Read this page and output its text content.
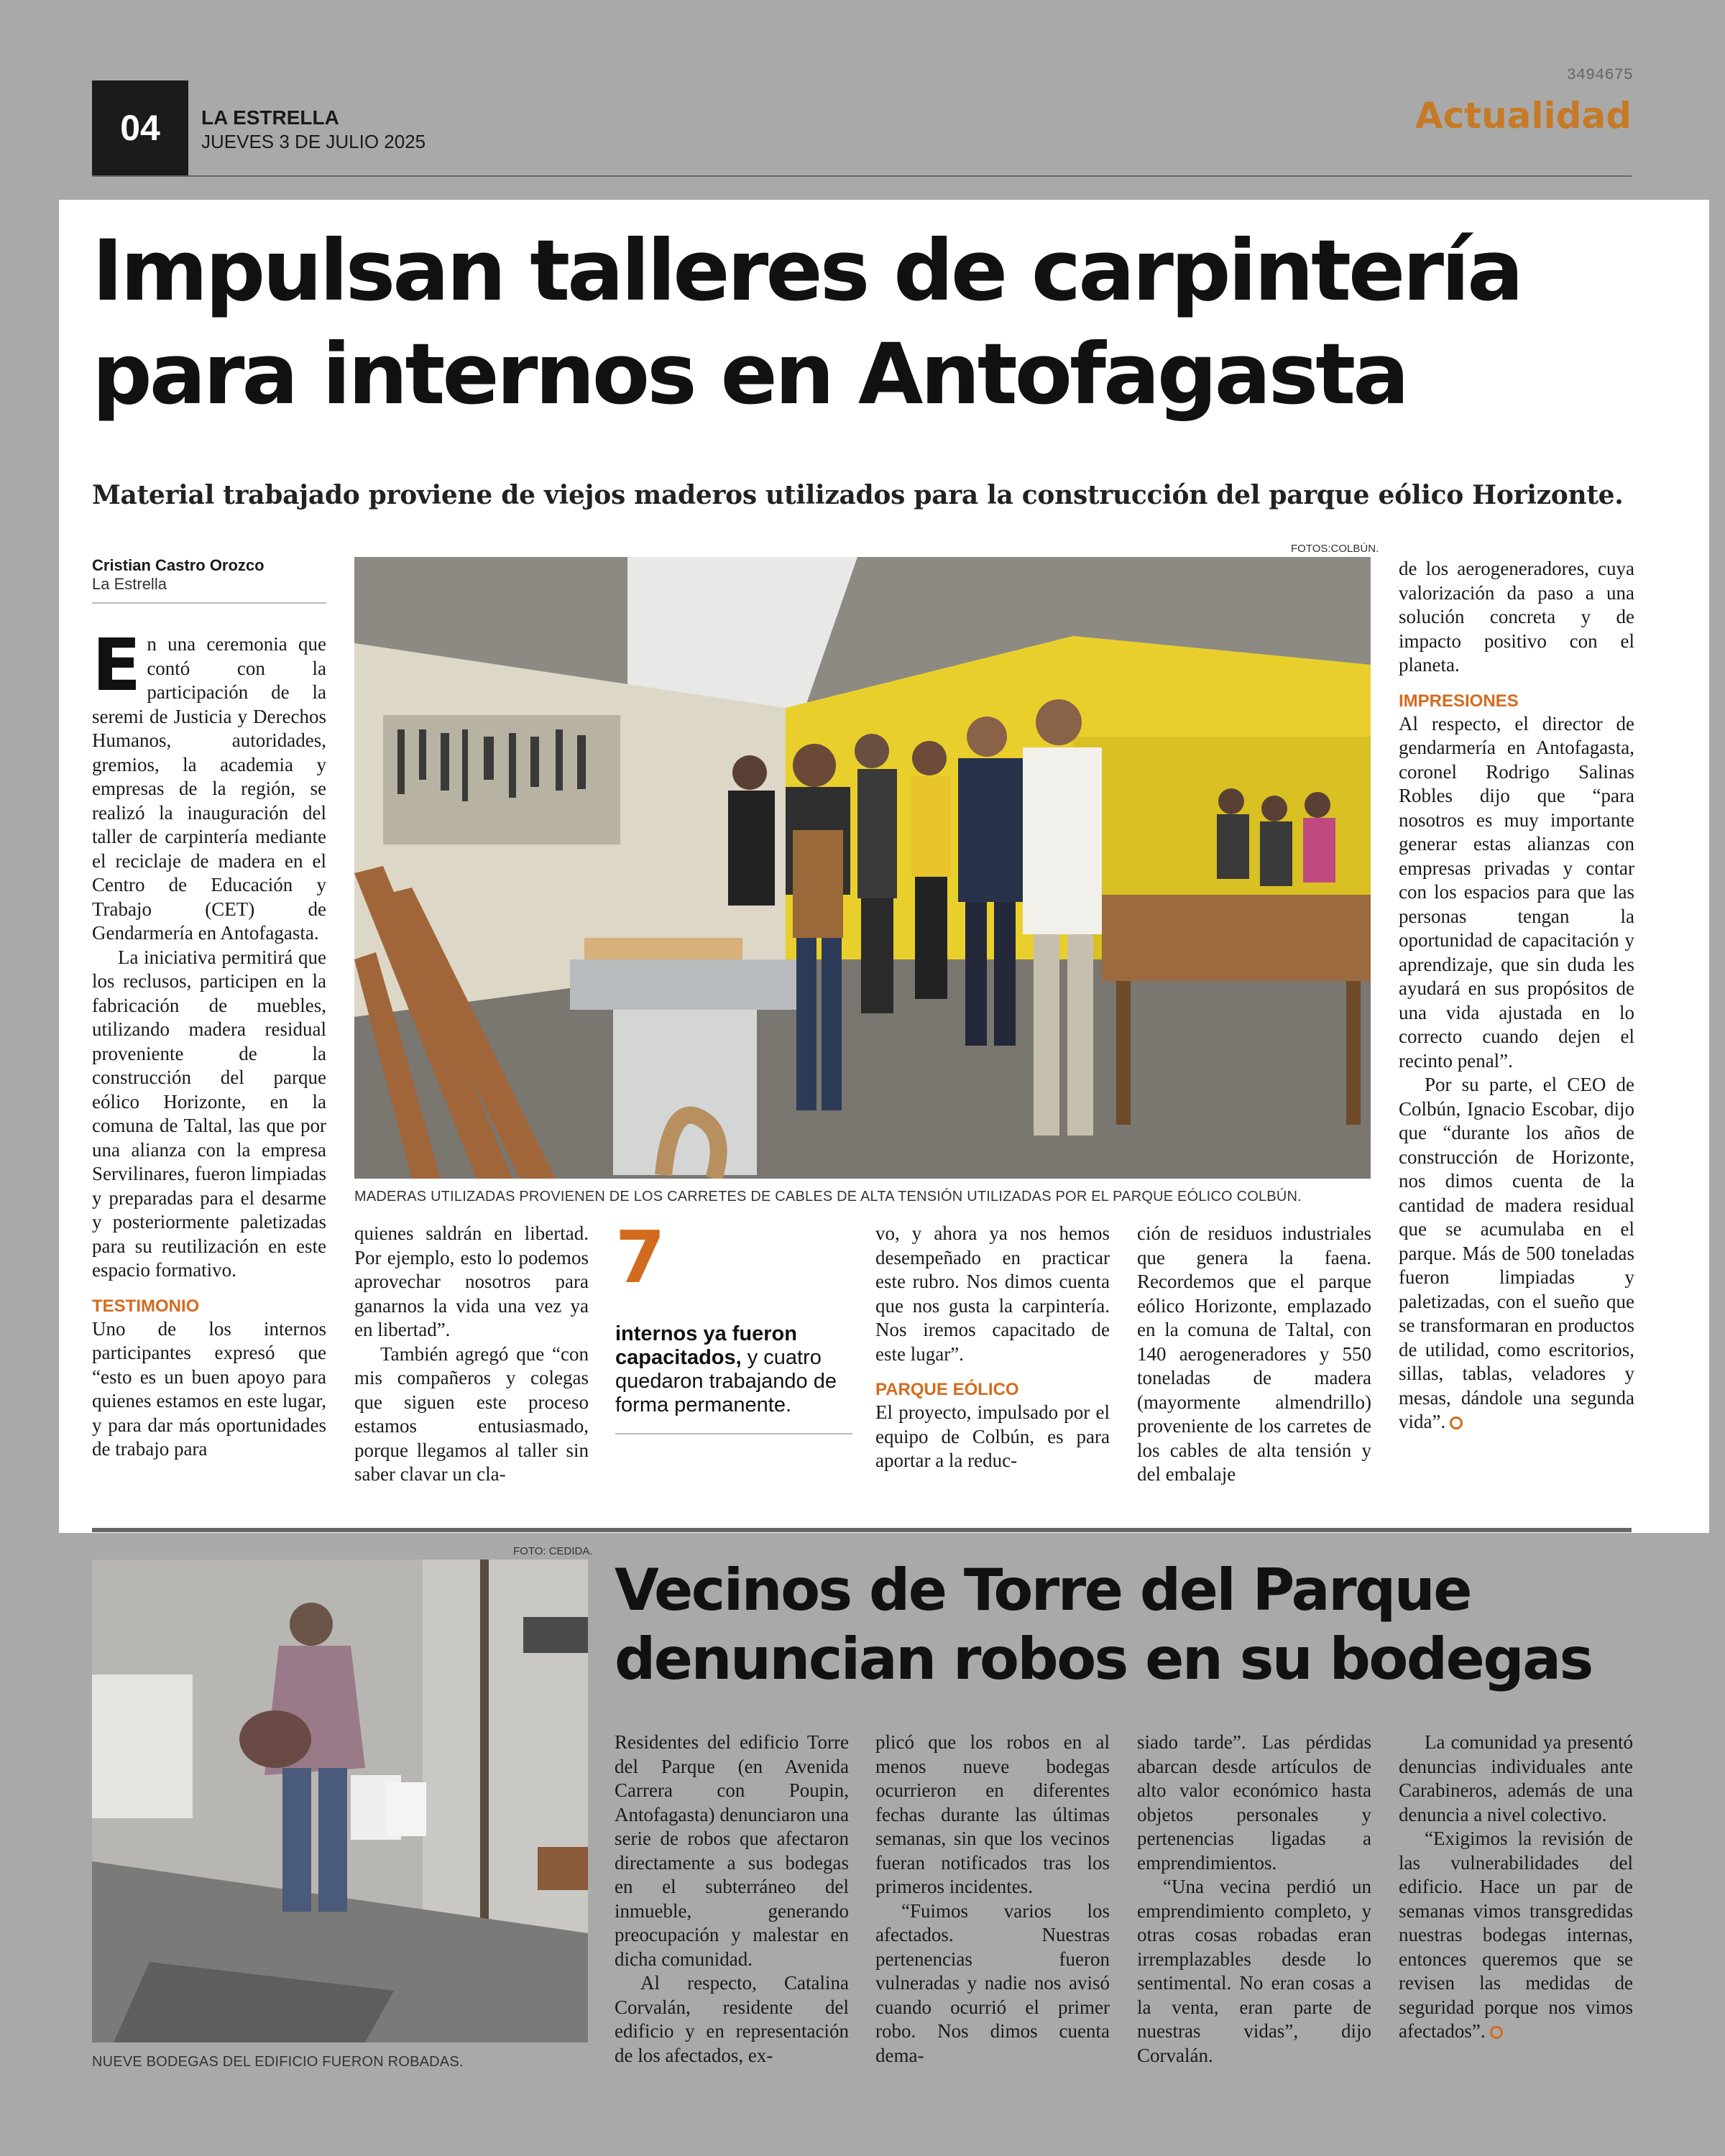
3494675
04	LA ESTRELLA
JUEVES 3 DE JULIO 2025
Actualidad
Impulsan talleres de carpintería para internos en Antofagasta
Material trabajado proviene de viejos maderos utilizados para la construcción del parque eólico Horizonte.
Cristian Castro Orozco
La Estrella

En una ceremonia que contó con la participación de la seremi de Justicia y Derechos Humanos, autoridades, gremios, la academia y empresas de la región, se realizó la inauguración del taller de carpintería mediante el reciclaje de madera en el Centro de Educación y Trabajo (CET) de Gendarmería en Antofagasta.

La iniciativa permitirá que los reclusos, participen en la fabricación de muebles, utilizando madera residual proveniente de la construcción del parque eólico Horizonte, en la comuna de Taltal, las que por una alianza con la empresa Servilinares, fueron limpiadas y preparadas para el desarme y posteriormente paletizadas para su reutilización en este espacio formativo.

TESTIMONIO

Uno de los internos participantes expresó que “esto es un buen apoyo para quienes estamos en este lugar, y para dar más oportunidades de trabajo para

FOTOS:COLBÚN.
MADERAS UTILIZADAS PROVIENEN DE LOS CARRETES DE CABLES DE ALTA TENSIÓN UTILIZADAS POR EL PARQUE EÓLICO COLBÚN.

quienes saldrán en libertad. Por ejemplo, esto lo podemos aprovechar nosotros para ganarnos la vida una vez ya en libertad”.

También agregó que “con mis compañeros y colegas que siguen este proceso estamos entusiasmado, porque llegamos al taller sin saber clavar un cla-

7
internos ya fueron capacitados, y cuatro quedaron trabajando de forma permanente.

vo, y ahora ya nos hemos desempeñado en practicar este rubro. Nos dimos cuenta que nos gusta la carpintería. Nos iremos capacitado de este lugar”.

PARQUE EÓLICO

El proyecto, impulsado por el equipo de Colbún, es para aportar a la reduc-

ción de residuos industriales que genera la faena. Recordemos que el parque eólico Horizonte, emplazado en la comuna de Taltal, con 140 aerogeneradores y 550 toneladas de madera (mayormente almendrillo) proveniente de los carretes de los cables de alta tensión y del embalaje

de los aerogeneradores, cuya valorización da paso a una solución concreta y de impacto positivo con el planeta.

IMPRESIONES

Al respecto, el director de gendarmería en Antofagasta, coronel Rodrigo Salinas Robles dijo que “para nosotros es muy importante generar estas alianzas con empresas privadas y contar con los espacios para que las personas tengan la oportunidad de capacitación y aprendizaje, que sin duda les ayudará en sus propósitos de una vida ajustada en lo correcto cuando dejen el recinto penal”.

Por su parte, el CEO de Colbún, Ignacio Escobar, dijo que “durante los años de construcción de Horizonte, nos dimos cuenta de la cantidad de madera residual que se acumulaba en el parque. Más de 500 toneladas fueron limpiadas y paletizadas, con el sueño que se transformaran en productos de utilidad, como escritorios, sillas, tablas, veladores y mesas, dándole una segunda vida”.

FOTO: CEDIDA.
NUEVE BODEGAS DEL EDIFICIO FUERON ROBADAS.
Vecinos de Torre del Parque denuncian robos en su bodegas

Residentes del edificio Torre del Parque (en Avenida Carrera con Poupin, Antofagasta) denunciaron una serie de robos que afectaron directamente a sus bodegas en el subterráneo del inmueble, generando preocupación y malestar en dicha comunidad.

Al respecto, Catalina Corvalán, residente del edificio y en representación de los afectados, ex-

plicó que los robos en al menos nueve bodegas ocurrieron en diferentes fechas durante las últimas semanas, sin que los vecinos fueran notificados tras los primeros incidentes.

“Fuimos varios los afectados. Nuestras pertenencias fueron vulneradas y nadie nos avisó cuando ocurrió el primer robo. Nos dimos cuenta dema-

siado tarde”. Las pérdidas abarcan desde artículos de alto valor económico hasta objetos personales y pertenencias ligadas a emprendimientos.

“Una vecina perdió un emprendimiento completo, y otras cosas robadas eran irremplazables desde lo sentimental. No eran cosas a la venta, eran parte de nuestras vidas”, dijo Corvalán.

La comunidad ya presentó denuncias individuales ante Carabineros, además de una denuncia a nivel colectivo.

“Exigimos la revisión de las vulnerabilidades del edificio. Hace un par de semanas vimos transgredidas nuestras bodegas internas, entonces queremos que se revisen las medidas de seguridad porque nos vimos afectados”.
